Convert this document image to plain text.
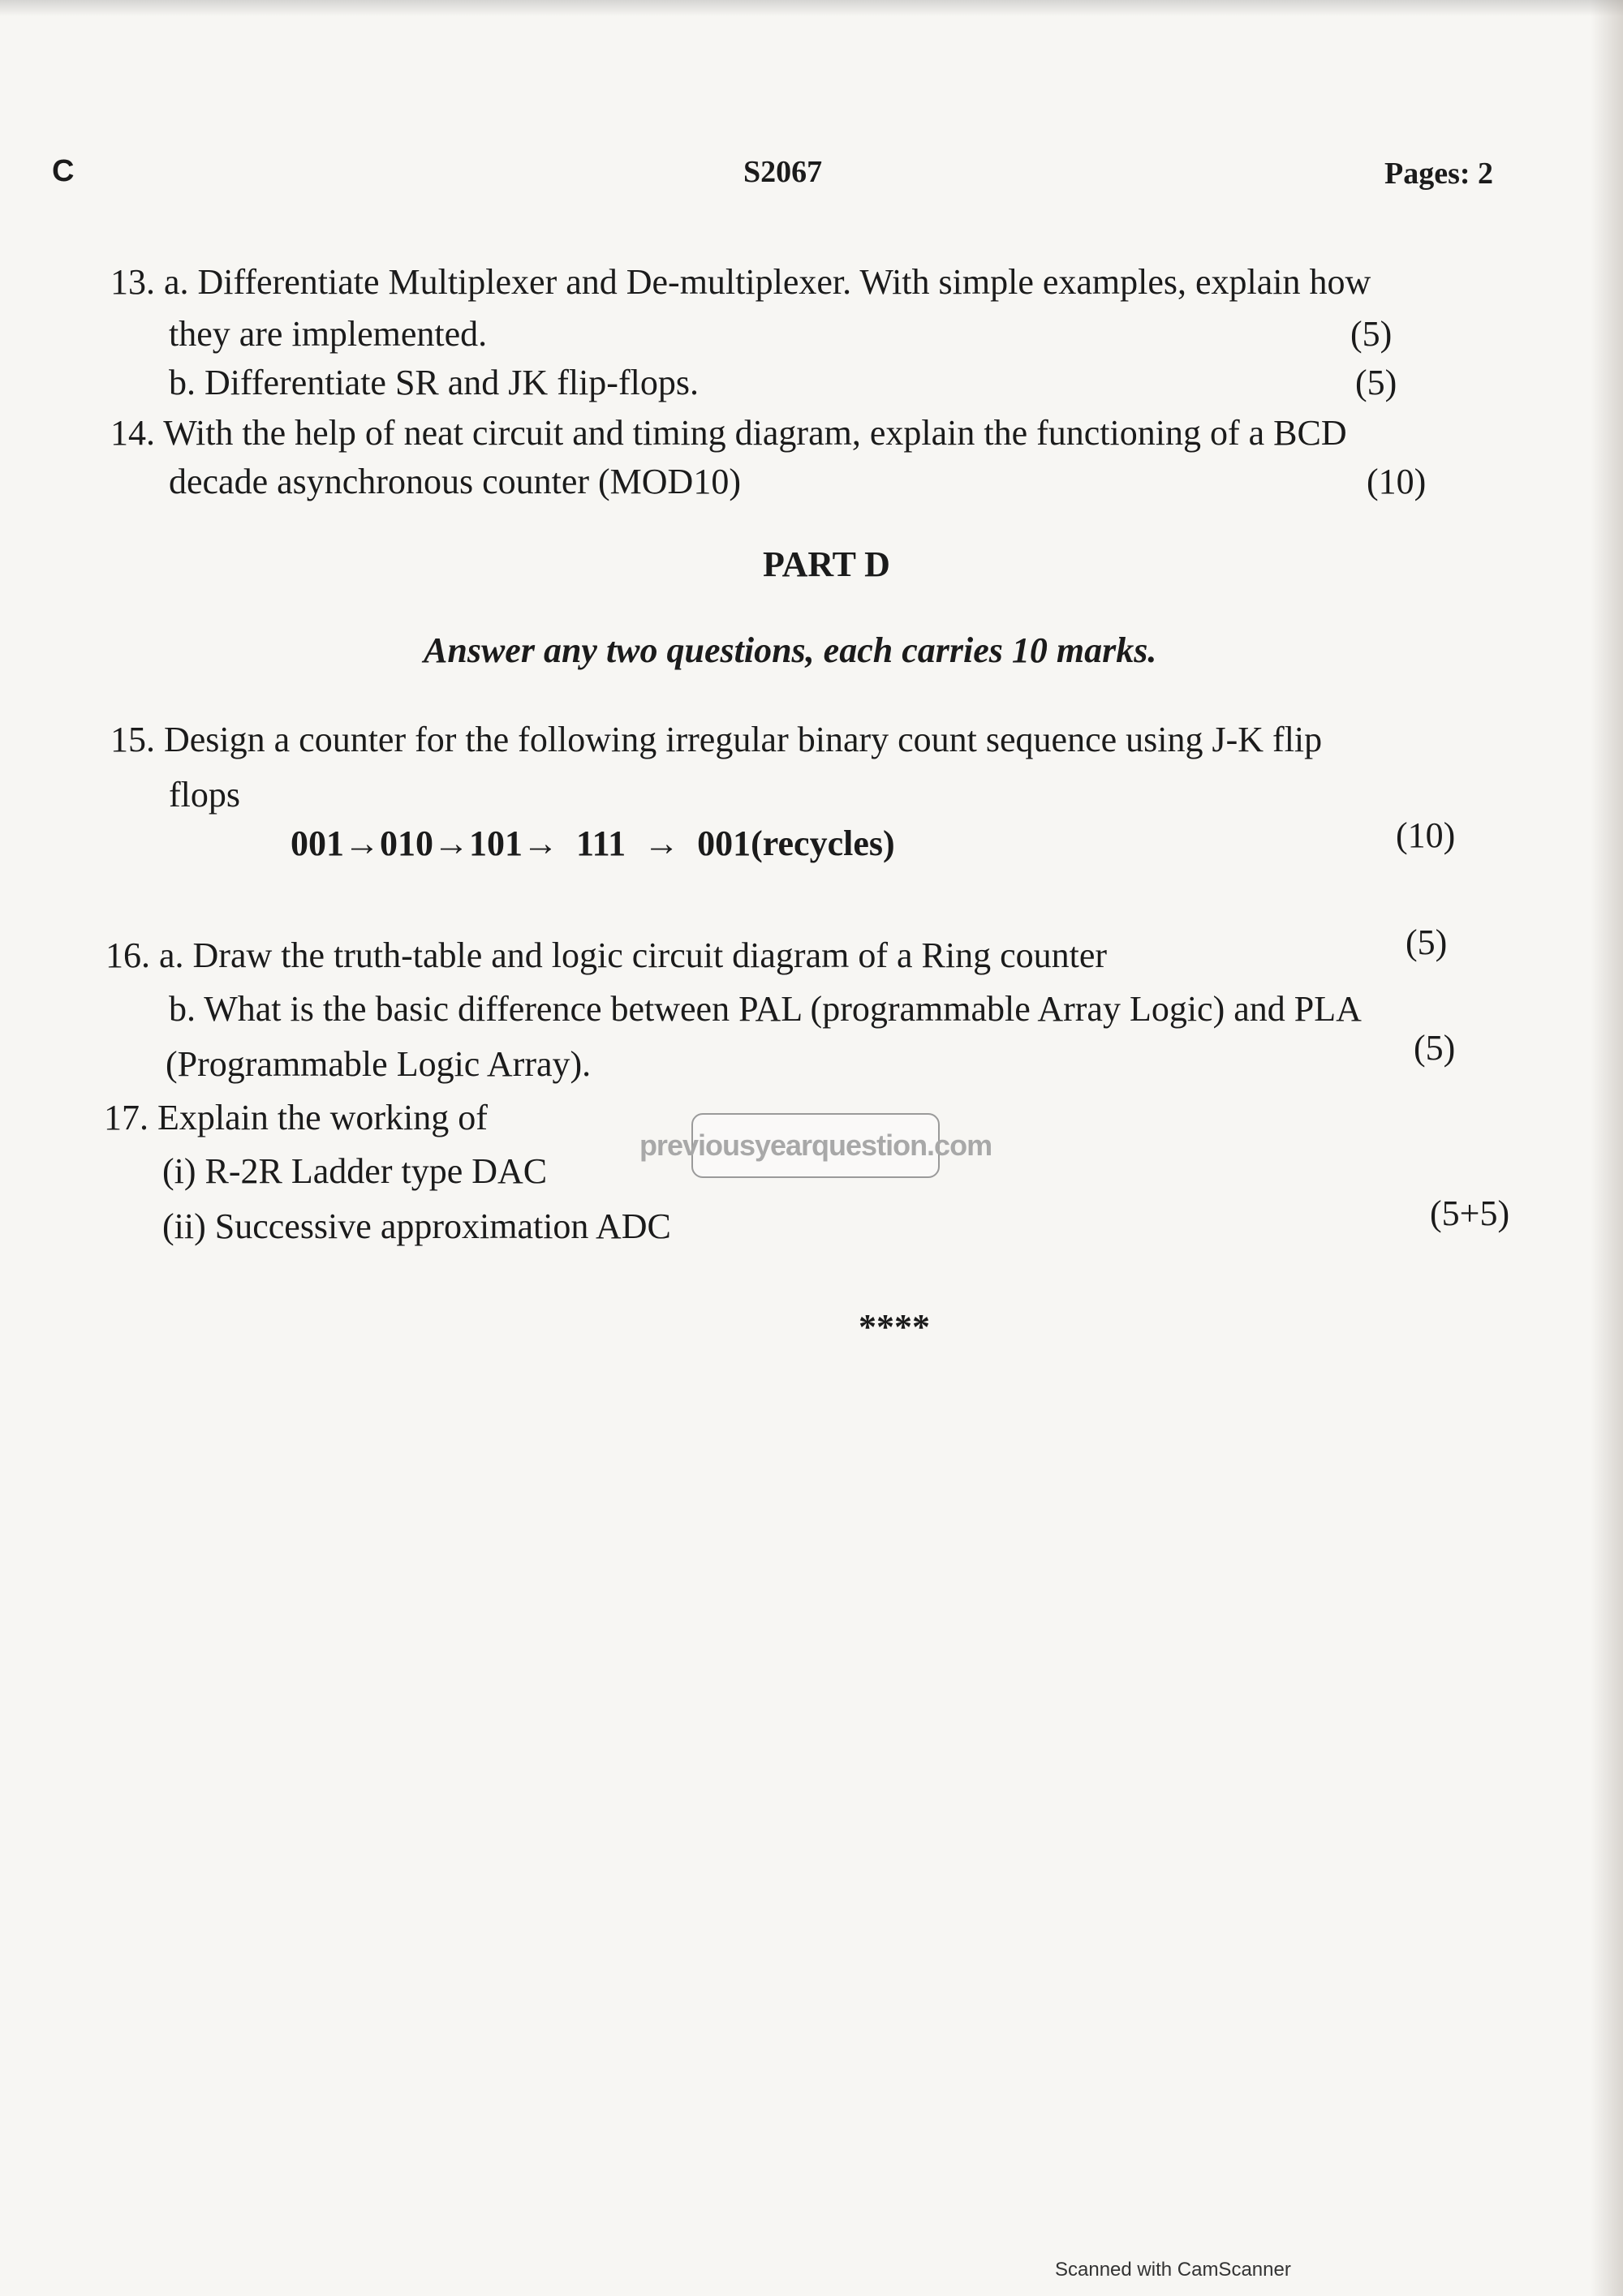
C	S2067	Pages: 2
13. a. Differentiate Multiplexer and De-multiplexer. With simple examples, explain how
they are implemented.	(5)
b. Differentiate SR and JK flip-flops.	(5)
14. With the help of neat circuit and timing diagram, explain the functioning of a BCD
decade asynchronous counter (MOD10)	(10)
PART D
Answer any two questions, each carries 10 marks.
15. Design a counter for the following irregular binary count sequence using J-K flip
flops
001→010→101→  111  →  001(recycles)	(10)
16. a. Draw the truth-table and logic circuit diagram of a Ring counter	(5)
b. What is the basic difference between PAL (programmable Array Logic) and PLA
(Programmable Logic Array).	(5)
17. Explain the working of
(i) R-2R Ladder type DAC
(ii) Successive approximation ADC	(5+5)
previousyearquestion.com
****
Scanned with CamScanner
